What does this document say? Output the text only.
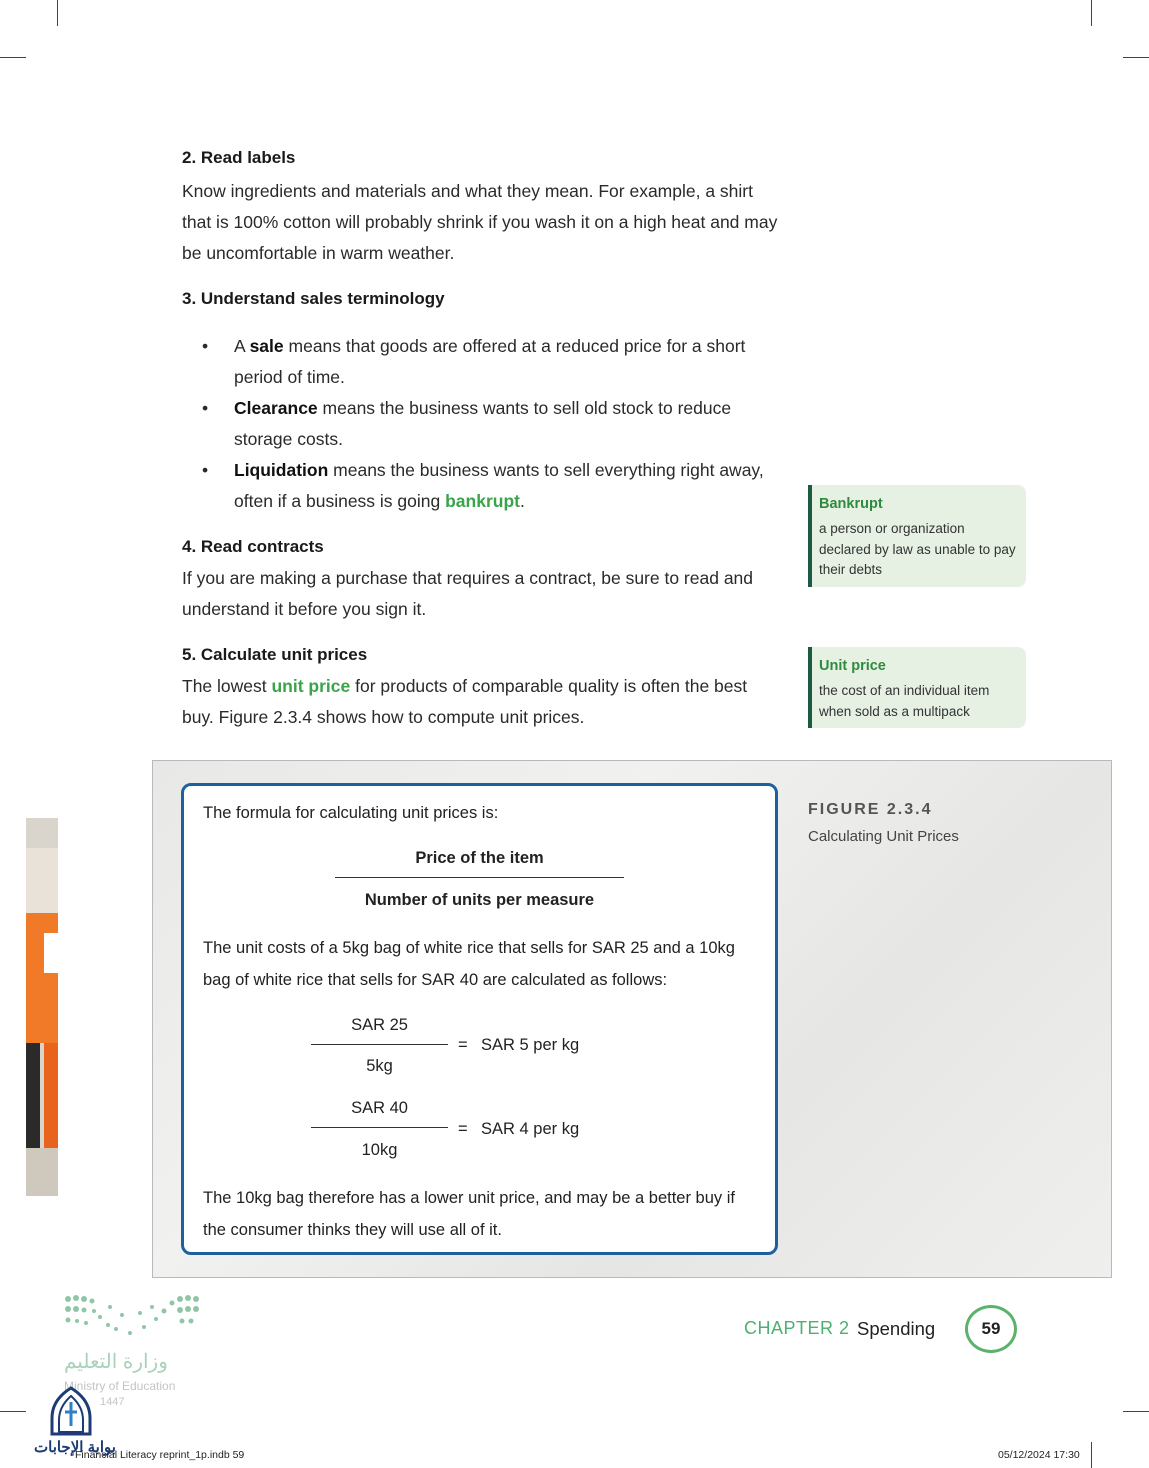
2. Read labels

Know ingredients and materials and what they mean. For example, a shirt that is 100% cotton will probably shrink if you wash it on a high heat and may be uncomfortable in warm weather.

3. Understand sales terminology
• A sale means that goods are offered at a reduced price for a short period of time.
• Clearance means the business wants to sell old stock to reduce storage costs.
• Liquidation means the business wants to sell everything right away, often if a business is going bankrupt.
4. Read contracts

If you are making a purchase that requires a contract, be sure to read and understand it before you sign it.

5. Calculate unit prices

The lowest unit price for products of comparable quality is often the best buy. Figure 2.3.4 shows how to compute unit prices.

Bankrupt
a person or organization declared by law as unable to pay their debts
Unit price
the cost of an individual item when sold as a multipack
The formula for calculating unit prices is:
Price of the item
Number of units per measure
The unit costs of a 5kg bag of white rice that sells for SAR 25 and a 10kg
bag of white rice that sells for SAR 40 are calculated as follows:
SAR 25
5kg
= SAR 5 per kg
SAR 40
10kg
= SAR 4 per kg
The 10kg bag therefore has a lower unit price, and may be a better buy if
the consumer thinks they will use all of it.
FIGURE 2.3.4
Calculating Unit Prices
وزارة التعليم
Ministry of Education
1447
بوابة الإجابات
CHAPTER 2 Spending	59
Financial Literacy reprint_1p.indb 59	05/12/2024 17:30
